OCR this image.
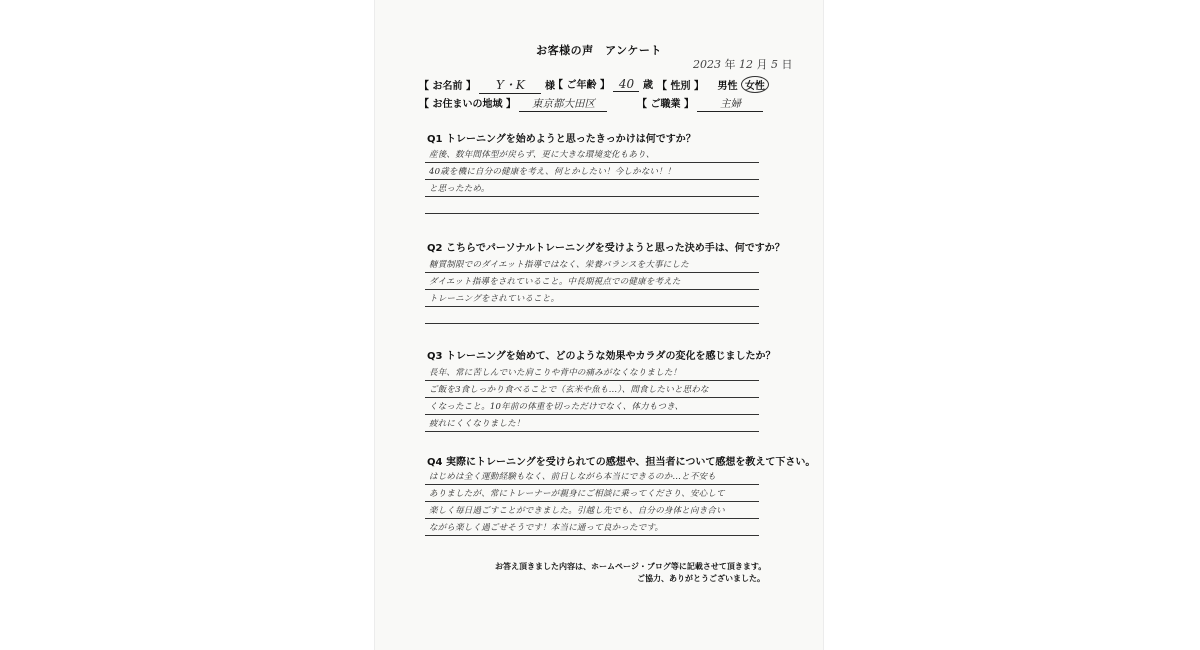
お客様の声　アンケート
2023 年 12 月 5 日
【 お名前 】 Y・K 様
【 ご年齢 】 40 歳 【 性別 】 男性 女性
【 お住まいの地域 】 東京都大田区	【 ご職業 】 主婦
Q1 トレーニングを始めようと思ったきっかけは何ですか？
産後、数年間体型が戻らず、更に大きな環境変化もあり、
40歳を機に自分の健康を考え、何とかしたい！今しかない！！
と思ったため。
Q2 こちらでパーソナルトレーニングを受けようと思った決め手は、何ですか？
糖質制限でのダイエット指導ではなく、栄養バランスを大事にした
ダイエット指導をされていること。中長期視点での健康を考えた
トレーニングをされていること。
Q3 トレーニングを始めて、どのような効果やカラダの変化を感じましたか？
長年、常に苦しんでいた肩こりや背中の痛みがなくなりました！
ご飯を3食しっかり食べることで（玄米や魚も…）、間食したいと思わな
くなったこと。10年前の体重を切っただけでなく、体力もつき、
疲れにくくなりました！
Q4 実際にトレーニングを受けられての感想や、担当者について感想を教えて下さい。
はじめは全く運動経験もなく、前日しながら本当にできるのか…と不安も
ありましたが、常にトレーナーが親身にご相談に乗ってくださり、安心して
楽しく毎日過ごすことができました。引越し先でも、自分の身体と向き合い
ながら楽しく過ごせそうです！本当に通って良かったです。
お答え頂きました内容は、ホームページ・ブログ等に記載させて頂きます。
ご協力、ありがとうございました。
